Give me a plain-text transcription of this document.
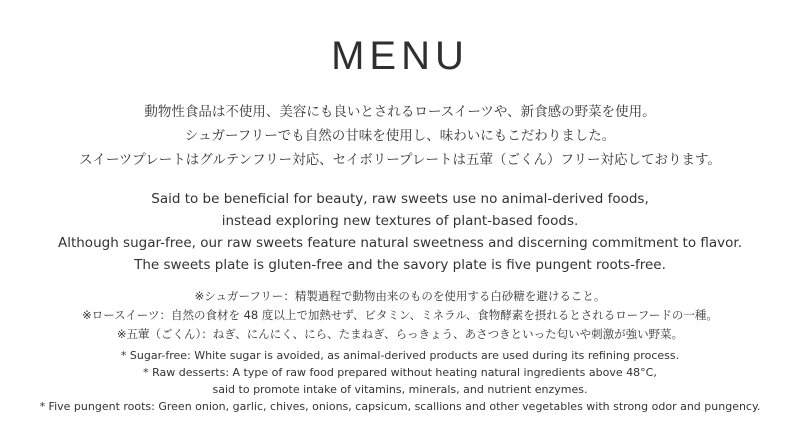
MENU
動物性食品は不使用、美容にも良いとされるロースイーツや、新食感の野菜を使用。
シュガーフリーでも自然の甘味を使用し、味わいにもこだわりました。
スイーツプレートはグルテンフリー対応、セイボリープレートは五葷（ごくん）フリー対応しております。
Said to be beneficial for beauty, raw sweets use no animal-derived foods,
instead exploring new textures of plant-based foods.
Although sugar-free, our raw sweets feature natural sweetness and discerning commitment to flavor.
The sweets plate is gluten-free and the savory plate is five pungent roots-free.
※シュガーフリー：精製過程で動物由来のものを使用する白砂糖を避けること。
※ロースイーツ：自然の食材を 48 度以上で加熱せず、ビタミン、ミネラル、食物酵素を摂れるとされるローフードの一種。
※五葷（ごくん）：ねぎ、にんにく、にら、たまねぎ、らっきょう、あさつきといった匂いや刺激が強い野菜。
* Sugar-free: White sugar is avoided, as animal-derived products are used during its refining process.
* Raw desserts: A type of raw food prepared without heating natural ingredients above 48°C,
said to promote intake of vitamins, minerals, and nutrient enzymes.
* Five pungent roots: Green onion, garlic, chives, onions, capsicum, scallions and other vegetables with strong odor and pungency.
